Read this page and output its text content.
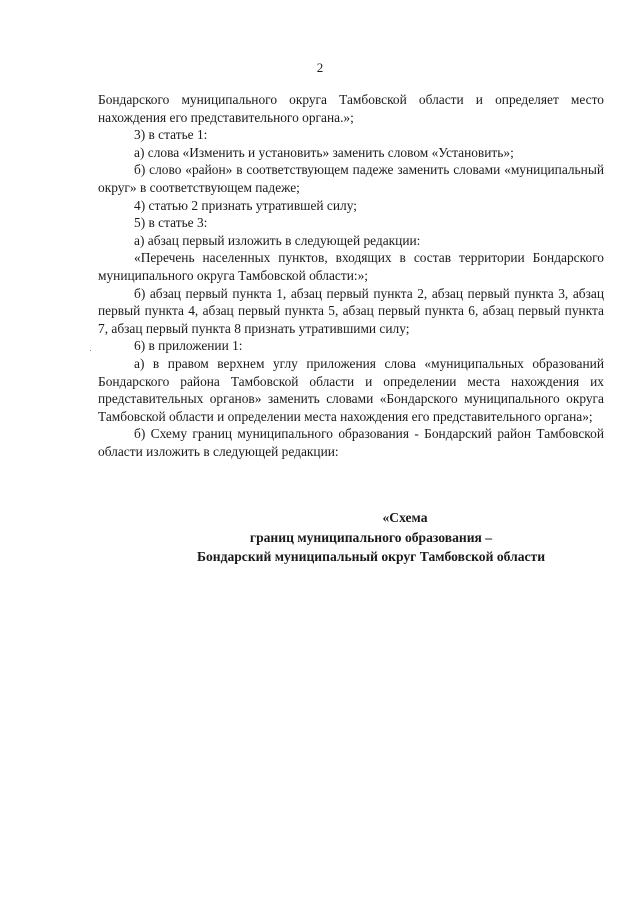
2

Бондарского муниципального округа Тамбовской области и определяет место нахождения его представительного органа.»;

3) в статье 1:

а) слова «Изменить и установить» заменить словом «Установить»;

б) слово «район» в соответствующем падеже заменить словами «муниципальный округ» в соответствующем падеже;

4) статью 2 признать утратившей силу;

5) в статье 3:

а) абзац первый изложить в следующей редакции:

«Перечень населенных пунктов, входящих в состав территории Бондарского муниципального округа Тамбовской области:»;

б) абзац первый пункта 1, абзац первый пункта 2, абзац первый пункта 3, абзац первый пункта 4, абзац первый пункта 5, абзац первый пункта 6, абзац первый пункта 7, абзац первый пункта 8 признать утратившими силу;

6) в приложении 1:

а) в правом верхнем углу приложения слова «муниципальных образований Бондарского района Тамбовской области и определении места нахождения их представительных органов» заменить словами «Бондарского муниципального округа Тамбовской области и определении места нахождения его представительного органа»;

б) Схему границ муниципального образования - Бондарский район Тамбовской области изложить в следующей редакции:

«Схема
границ муниципального образования –
Бондарский муниципальный округ Тамбовской области
